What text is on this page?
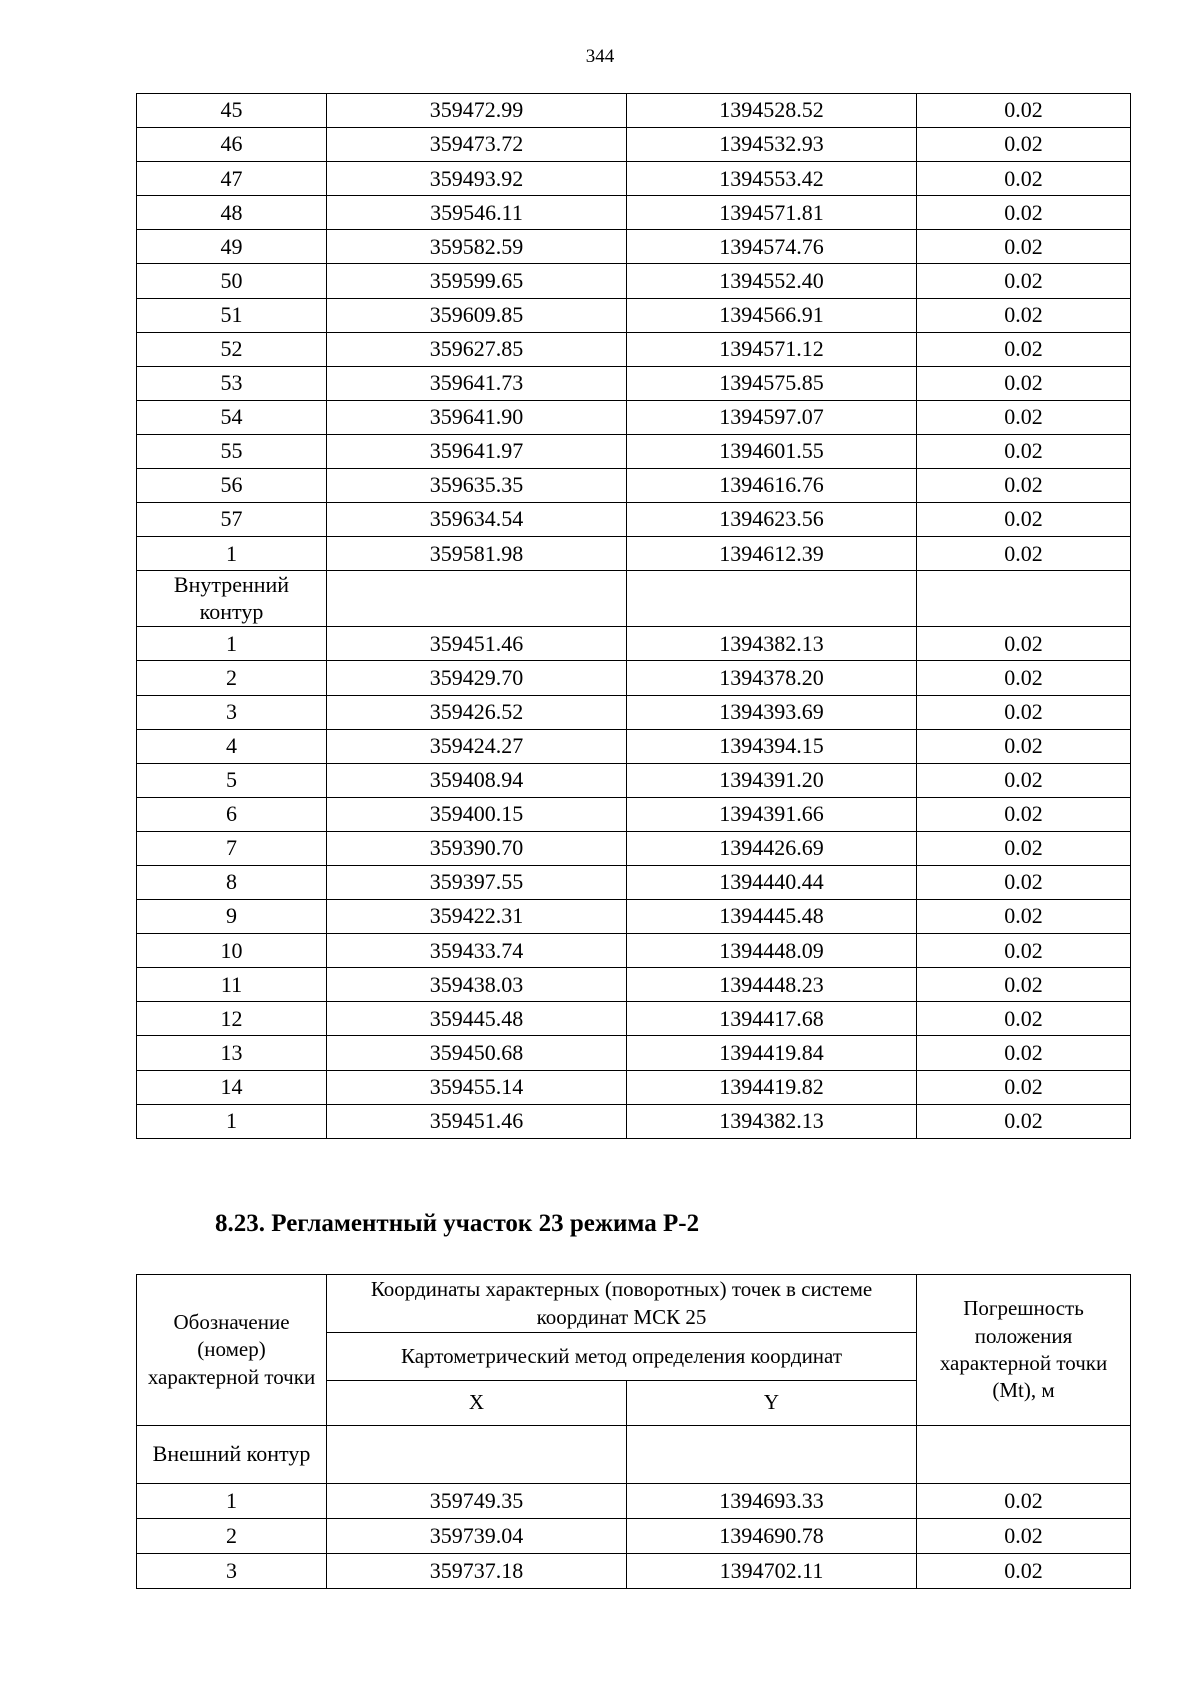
344
45	359472.99	1394528.52	0.02
46	359473.72	1394532.93	0.02
47	359493.92	1394553.42	0.02
48	359546.11	1394571.81	0.02
49	359582.59	1394574.76	0.02
50	359599.65	1394552.40	0.02
51	359609.85	1394566.91	0.02
52	359627.85	1394571.12	0.02
53	359641.73	1394575.85	0.02
54	359641.90	1394597.07	0.02
55	359641.97	1394601.55	0.02
56	359635.35	1394616.76	0.02
57	359634.54	1394623.56	0.02
1	359581.98	1394612.39	0.02
Внутренний контур			
1	359451.46	1394382.13	0.02
2	359429.70	1394378.20	0.02
3	359426.52	1394393.69	0.02
4	359424.27	1394394.15	0.02
5	359408.94	1394391.20	0.02
6	359400.15	1394391.66	0.02
7	359390.70	1394426.69	0.02
8	359397.55	1394440.44	0.02
9	359422.31	1394445.48	0.02
10	359433.74	1394448.09	0.02
11	359438.03	1394448.23	0.02
12	359445.48	1394417.68	0.02
13	359450.68	1394419.84	0.02
14	359455.14	1394419.82	0.02
1	359451.46	1394382.13	0.02
8.23. Регламентный участок 23 режима Р-2
Обозначение (номер) характерной точки	Координаты характерных (поворотных) точек в системе координат МСК 25		Погрешность положения характерной точки (Mt), м
	Картометрический метод определения координат		
	X	Y	
Внешний контур			
1	359749.35	1394693.33	0.02
2	359739.04	1394690.78	0.02
3	359737.18	1394702.11	0.02
